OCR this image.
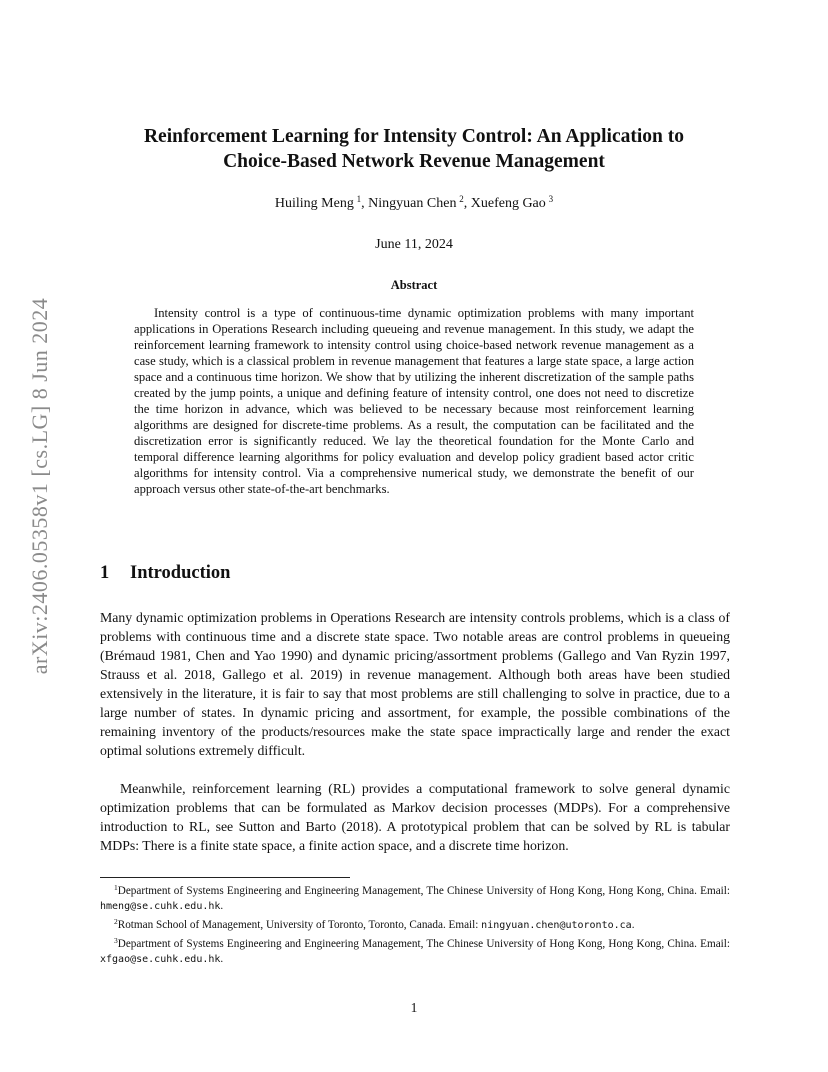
arXiv:2406.05358v1 [cs.LG] 8 Jun 2024
Reinforcement Learning for Intensity Control: An Application to
Choice-Based Network Revenue Management
Huiling Meng  $^1$, Ningyuan Chen  $^2$, Xuefeng Gao  $^3$
June 11, 2024
Abstract

Intensity control is a type of continuous-time dynamic optimization problems with many important applications in Operations Research including queueing and revenue management. In this study, we adapt the reinforcement learning framework to intensity control using choice-based network revenue management as a case study, which is a classical problem in revenue management that features a large state space, a large action space and a continuous time horizon. We show that by utilizing the inherent discretization of the sample paths created by the jump points, a unique and defining feature of intensity control, one does not need to discretize the time horizon in advance, which was believed to be necessary because most reinforcement learning algorithms are designed for discrete-time problems. As a result, the computation can be facilitated and the discretization error is significantly reduced. We lay the theoretical foundation for the Monte Carlo and temporal difference learning algorithms for policy evaluation and develop policy gradient based actor critic algorithms for intensity control. Via a comprehensive numerical study, we demonstrate the benefit of our approach versus other state-of-the-art benchmarks.

1 Introduction

Many dynamic optimization problems in Operations Research are intensity controls problems, which is a class of problems with continuous time and a discrete state space. Two notable areas are control problems in queueing (Brémaud 1981, Chen and Yao 1990) and dynamic pricing/assortment problems (Gallego and Van Ryzin 1997, Strauss et al. 2018, Gallego et al. 2019) in revenue management. Although both areas have been studied extensively in the literature, it is fair to say that most problems are still challenging to solve in practice, due to a large number of states. In dynamic pricing and assortment, for example, the possible combinations of the remaining inventory of the products/resources make the state space impractically large and render the exact optimal solutions extremely difficult.

Meanwhile, reinforcement learning (RL) provides a computational framework to solve general dynamic optimization problems that can be formulated as Markov decision processes (MDPs). For a comprehensive introduction to RL, see Sutton and Barto (2018). A prototypical problem that can be solved by RL is tabular MDPs: There is a finite state space, a finite action space, and a discrete time horizon.

$^1$Department of Systems Engineering and Engineering Management, The Chinese University of Hong Kong, Hong Kong, China. Email: hmeng@se.cuhk.edu.hk.

$^2$Rotman School of Management, University of Toronto, Toronto, Canada. Email: ningyuan.chen@utoronto.ca.

$^3$Department of Systems Engineering and Engineering Management, The Chinese University of Hong Kong, Hong Kong, China. Email: xfgao@se.cuhk.edu.hk.

1
